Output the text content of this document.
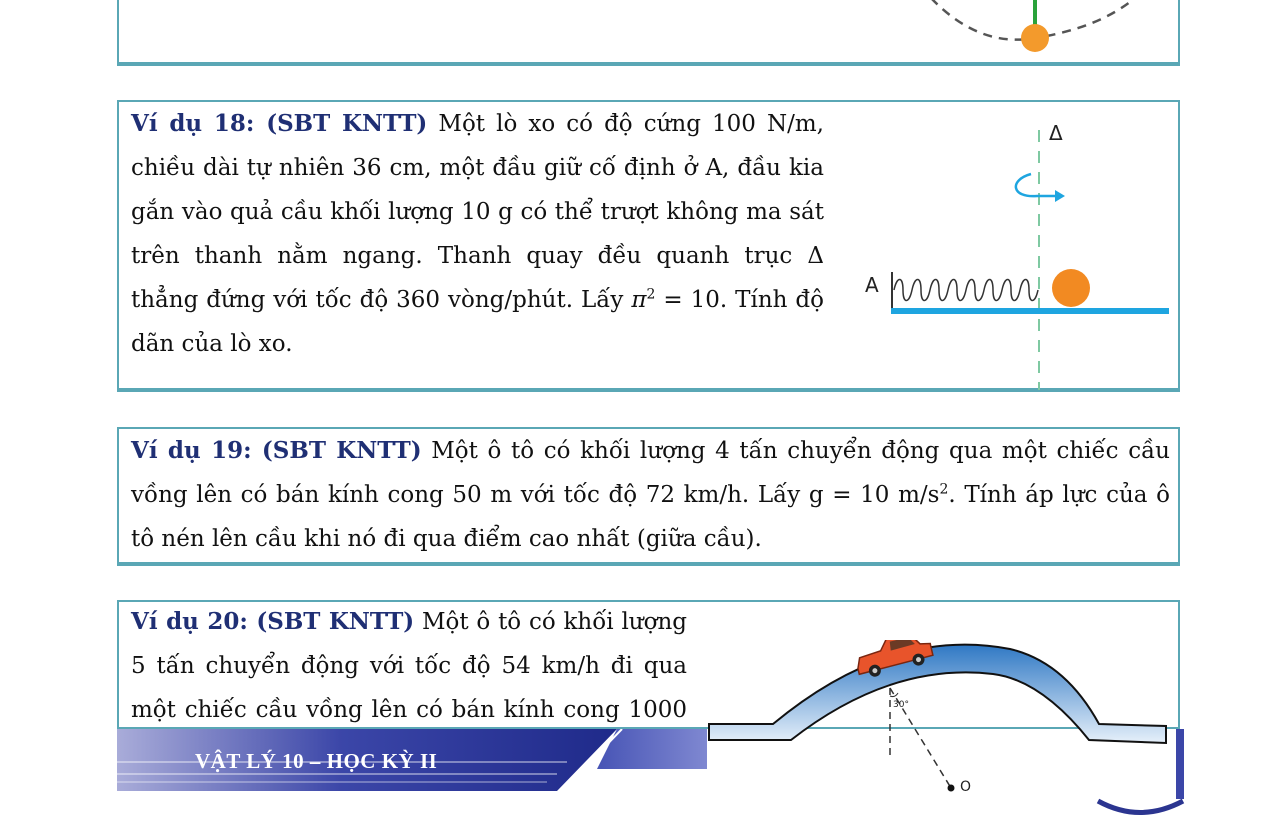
Ví dụ 18: (SBT KNTT) Một lò xo có độ cứng 100 N/m, chiều dài tự nhiên 36 cm, một đầu giữ cố định ở A, đầu kia gắn vào quả cầu khối lượng 10 g có thể trượt không ma sát trên thanh nằm ngang. Thanh quay đều quanh trục Δ thẳng đứng với tốc độ 360 vòng/phút. Lấy $\pi^2 = 10$. Tính độ dãn của lò xo.

Δ
A

Ví dụ 19: (SBT KNTT) Một ô tô có khối lượng 4 tấn chuyển động qua một chiếc cầu vồng lên có bán kính cong 50 m với tốc độ 72 km/h. Lấy g = 10 $m/s^2$. Tính áp lực của ô tô nén lên cầu khi nó đi qua điểm cao nhất (giữa cầu).

Ví dụ 20: (SBT KNTT) Một ô tô có khối lượng 5 tấn chuyển động với tốc độ 54 km/h đi qua một chiếc cầu vồng lên có bán kính cong 1000

VẬT LÝ 10 – HỌC KỲ II
30°
O
